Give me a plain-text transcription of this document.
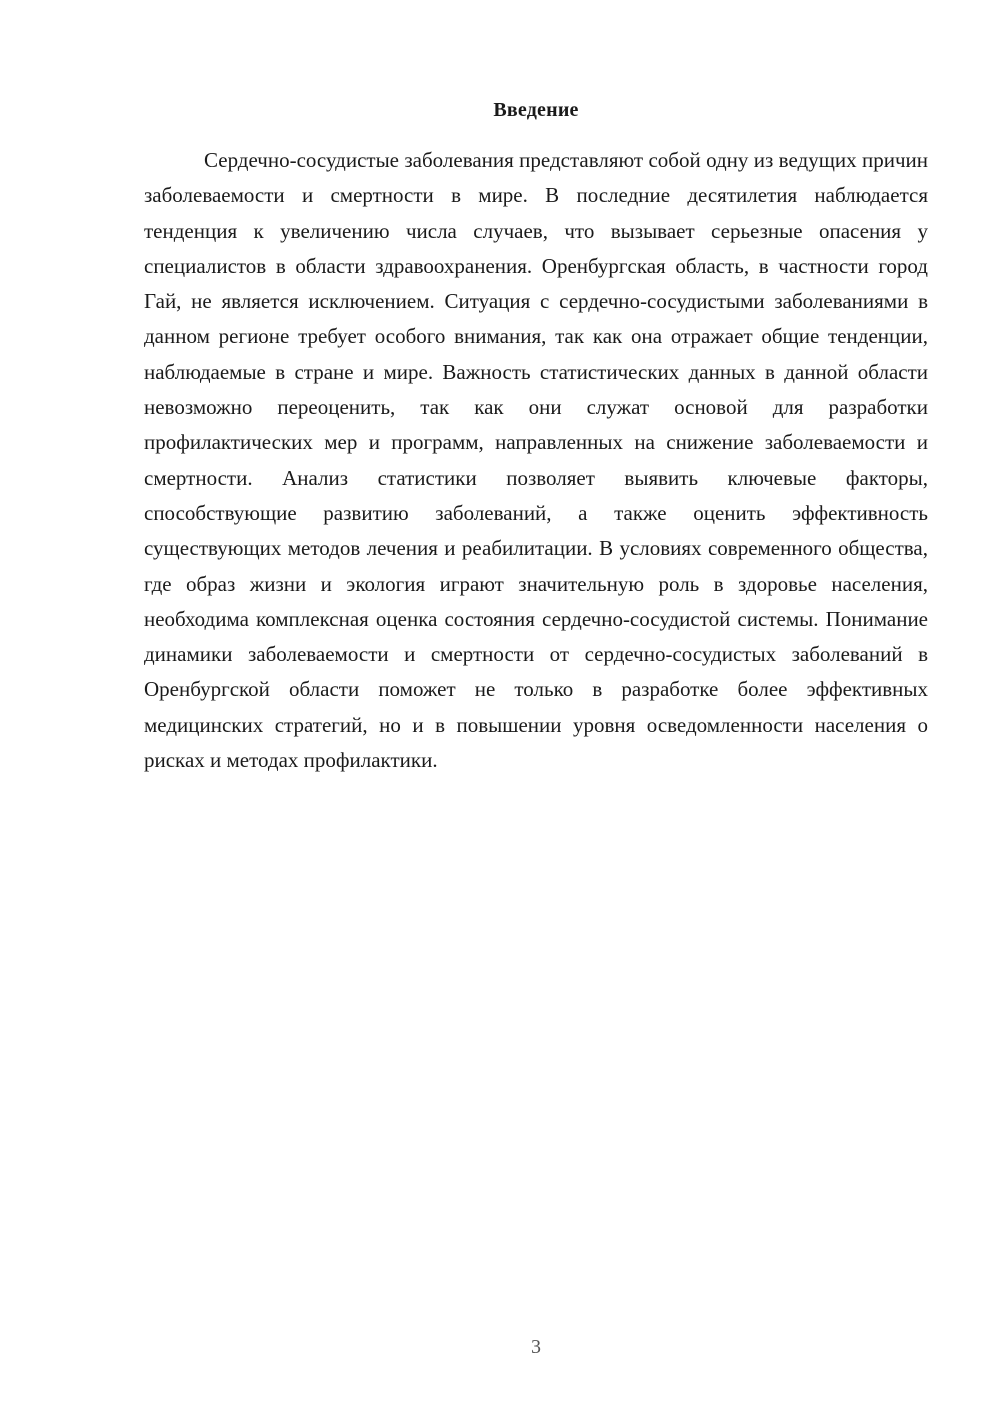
Введение

Сердечно-сосудистые заболевания представляют собой одну из ведущих причин заболеваемости и смертности в мире. В последние десятилетия наблюдается тенденция к увеличению числа случаев, что вызывает серьезные опасения у специалистов в области здравоохранения. Оренбургская область, в частности город Гай, не является исключением. Ситуация с сердечно-сосудистыми заболеваниями в данном регионе требует особого внимания, так как она отражает общие тенденции, наблюдаемые в стране и мире. Важность статистических данных в данной области невозможно переоценить, так как они служат основой для разработки профилактических мер и программ, направленных на снижение заболеваемости и смертности. Анализ статистики позволяет выявить ключевые факторы, способствующие развитию заболеваний, а также оценить эффективность существующих методов лечения и реабилитации. В условиях современного общества, где образ жизни и экология играют значительную роль в здоровье населения, необходима комплексная оценка состояния сердечно-сосудистой системы. Понимание динамики заболеваемости и смертности от сердечно-сосудистых заболеваний в Оренбургской области поможет не только в разработке более эффективных медицинских стратегий, но и в повышении уровня осведомленности населения о рисках и методах профилактики.

3
